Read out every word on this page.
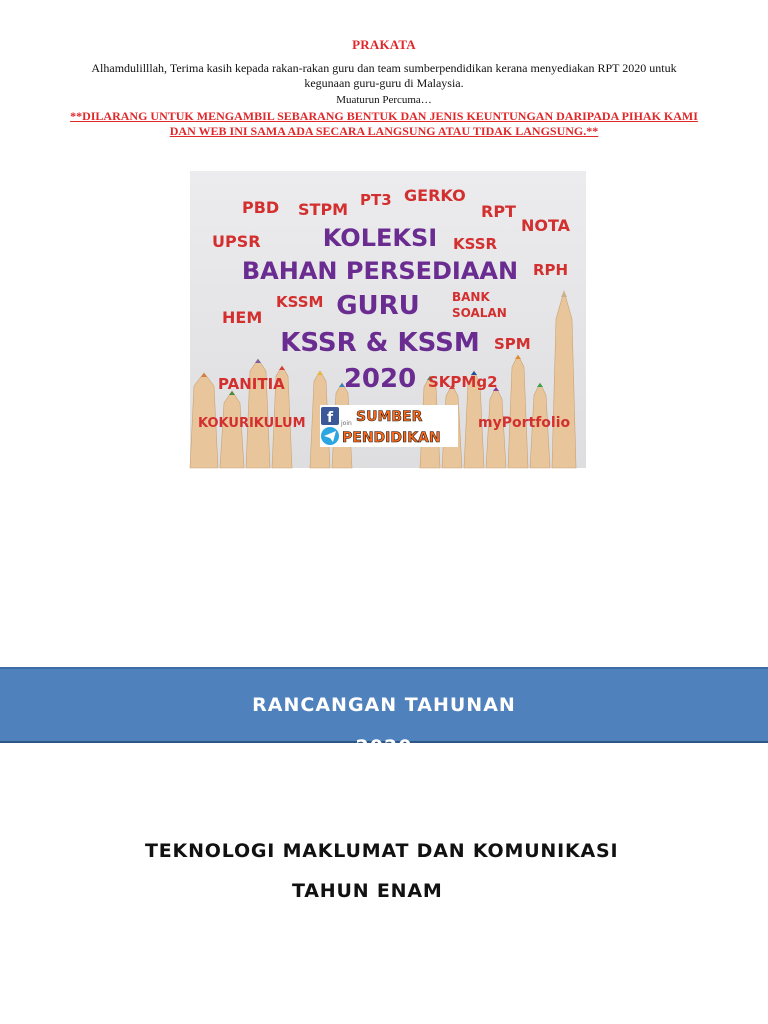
PRAKATA
Alhamdulilllah, Terima kasih kepada rakan-rakan guru dan team sumberpendidikan kerana menyediakan RPT 2020 untuk kegunaan guru-guru di Malaysia.
Muaturun Percuma…
**DILARANG UNTUK MENGAMBIL SEBARANG BENTUK DAN JENIS KEUNTUNGAN DARIPADA PIHAK KAMI DAN WEB INI SAMA ADA SECARA LANGSUNG ATAU TIDAK LANGSUNG.**
PBD STPM PT3 GERKO
RPT
NOTA
UPSR	KSSR
RPH
KSSM
HEM
SPM
PANITIA	SKPMg2
KOKURIKULUM	myPortfolio
BANK
SOALAN
KOLEKSI
BAHAN PERSEDIAAN
GURU
KSSR & KSSM
2020
f join SUMBER
PENDIDIKAN
RANCANGAN TAHUNAN
2020
TEKNOLOGI MAKLUMAT DAN KOMUNIKASI
TAHUN ENAM
